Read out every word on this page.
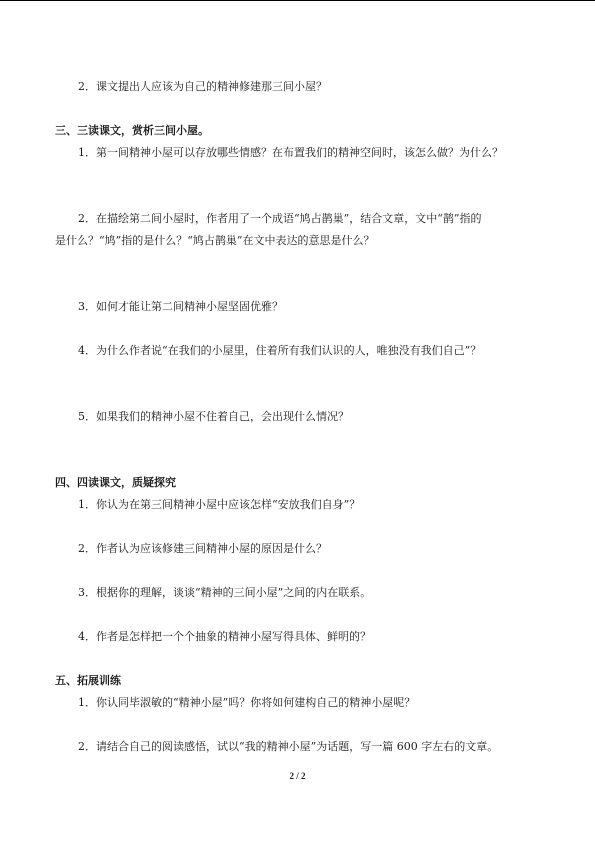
2．课文提出人应该为自己的精神修建那三间小屋？
三、三读课文，赏析三间小屋。
1．第一间精神小屋可以存放哪些情感？在布置我们的精神空间时，该怎么做？为什么？
2．在描绘第二间小屋时，作者用了一个成语“鸠占鹊巢”，结合文章，文中“鹊”指的
是什么？“鸠”指的是什么？“鸠占鹊巢”在文中表达的意思是什么？
3．如何才能让第二间精神小屋坚固优雅？
4．为什么作者说“在我们的小屋里，住着所有我们认识的人，唯独没有我们自己”？
5．如果我们的精神小屋不住着自己，会出现什么情况？
四、四读课文，质疑探究
1．你认为在第三间精神小屋中应该怎样“安放我们自身”？
2．作者认为应该修建三间精神小屋的原因是什么？
3．根据你的理解，谈谈“精神的三间小屋”之间的内在联系。
4．作者是怎样把一个个抽象的精神小屋写得具体、鲜明的？
五、拓展训练
1．你认同毕淑敏的“精神小屋”吗？你将如何建构自己的精神小屋呢？
2．请结合自己的阅读感悟，试以“我的精神小屋”为话题，写一篇 600 字左右的文章。
2 / 2
